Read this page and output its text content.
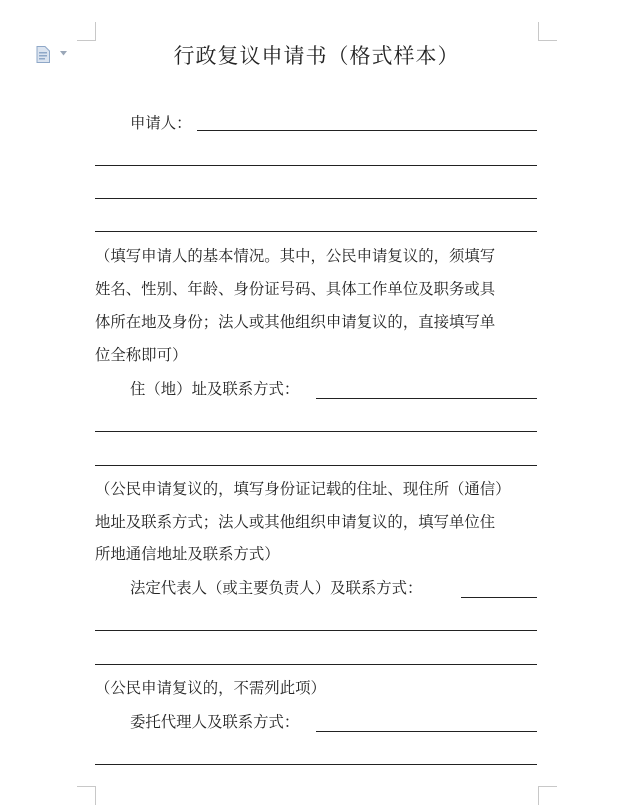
行政复议申请书（格式样本）
申请人：
（填写申请人的基本情况。其中，公民申请复议的，须填写
姓名、性别、年龄、身份证号码、具体工作单位及职务或具
体所在地及身份；法人或其他组织申请复议的，直接填写单
位全称即可）
住（地）址及联系方式：
（公民申请复议的，填写身份证记载的住址、现住所（通信）
地址及联系方式；法人或其他组织申请复议的，填写单位住
所地通信地址及联系方式）
法定代表人（或主要负责人）及联系方式：
（公民申请复议的，不需列此项）
委托代理人及联系方式：
